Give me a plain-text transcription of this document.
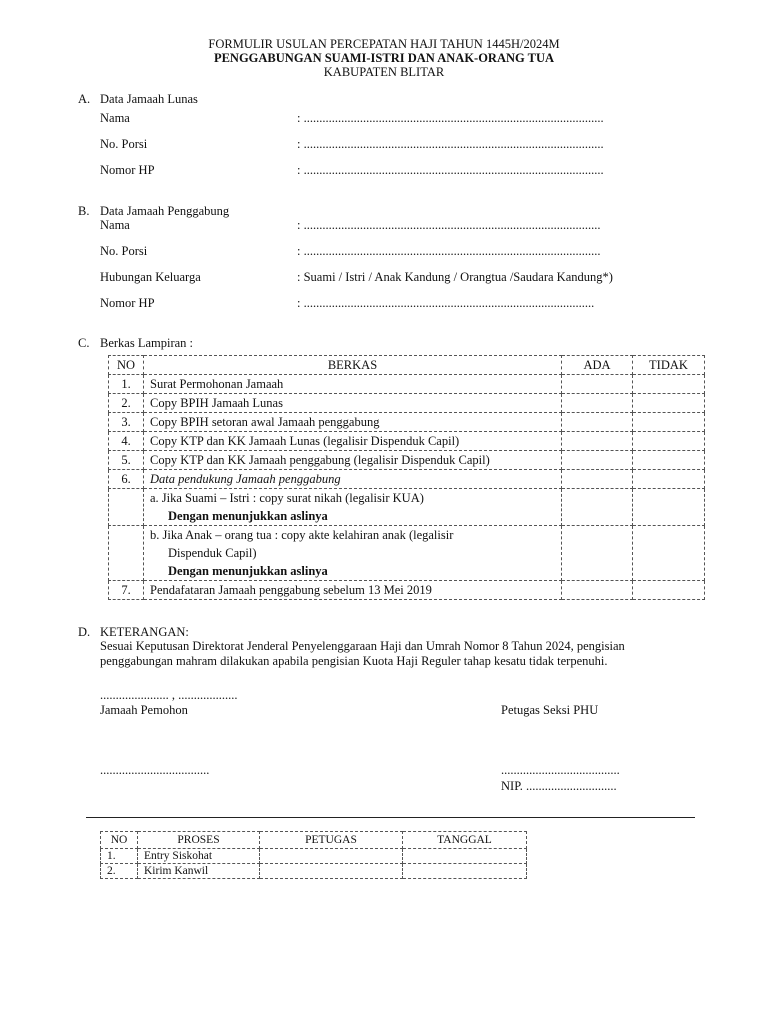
FORMULIR USULAN PERCEPATAN HAJI TAHUN 1445H/2024M
PENGGABUNGAN SUAMI-ISTRI DAN ANAK-ORANG TUA
KABUPATEN BLITAR
A. Data Jamaah Lunas
Nama	: ................................................................................................
No. Porsi	: ................................................................................................
Nomor HP	: ................................................................................................
B. Data Jamaah Penggabung
Nama	: ...............................................................................................
No. Porsi	: ...............................................................................................
Hubungan Keluarga	: Suami / Istri / Anak Kandung / Orangtua /Saudara Kandung*)
Nomor HP	: .............................................................................................
C. Berkas Lampiran :
NO	BERKAS	ADA	TIDAK
1.	Surat Permohonan Jamaah		
2.	Copy BPIH Jamaah Lunas		
3.	Copy BPIH setoran awal Jamaah penggabung		
4.	Copy KTP dan KK Jamaah Lunas (legalisir Dispenduk Capil)		
5.	Copy KTP dan KK Jamaah penggabung (legalisir Dispenduk Capil)		
6.	Data pendukung Jamaah penggabung		

	a. Jika Suami – Istri : copy surat nikah (legalisir KUA)
Dengan menunjukkan aslinya		

	b. Jika Anak – orang tua : copy akte kelahiran anak (legalisir
Dispenduk Capil)
Dengan menunjukkan aslinya		

7.	Pendafataran Jamaah penggabung sebelum 13 Mei 2019		
D. KETERANGAN:
Sesuai Keputusan Direktorat Jenderal Penyelenggaraan Haji dan Umrah Nomor 8 Tahun 2024, pengisian
penggabungan mahram dilakukan apabila pengisian Kuota Haji Reguler tahap kesatu tidak terpenuhi.
...................... , ...................
Jamaah Pemohon	Petugas Seksi PHU
...................................	......................................
NIP. .............................
NO	PROSES	PETUGAS	TANGGAL
1.	Entry Siskohat		
2.	Kirim Kanwil		
